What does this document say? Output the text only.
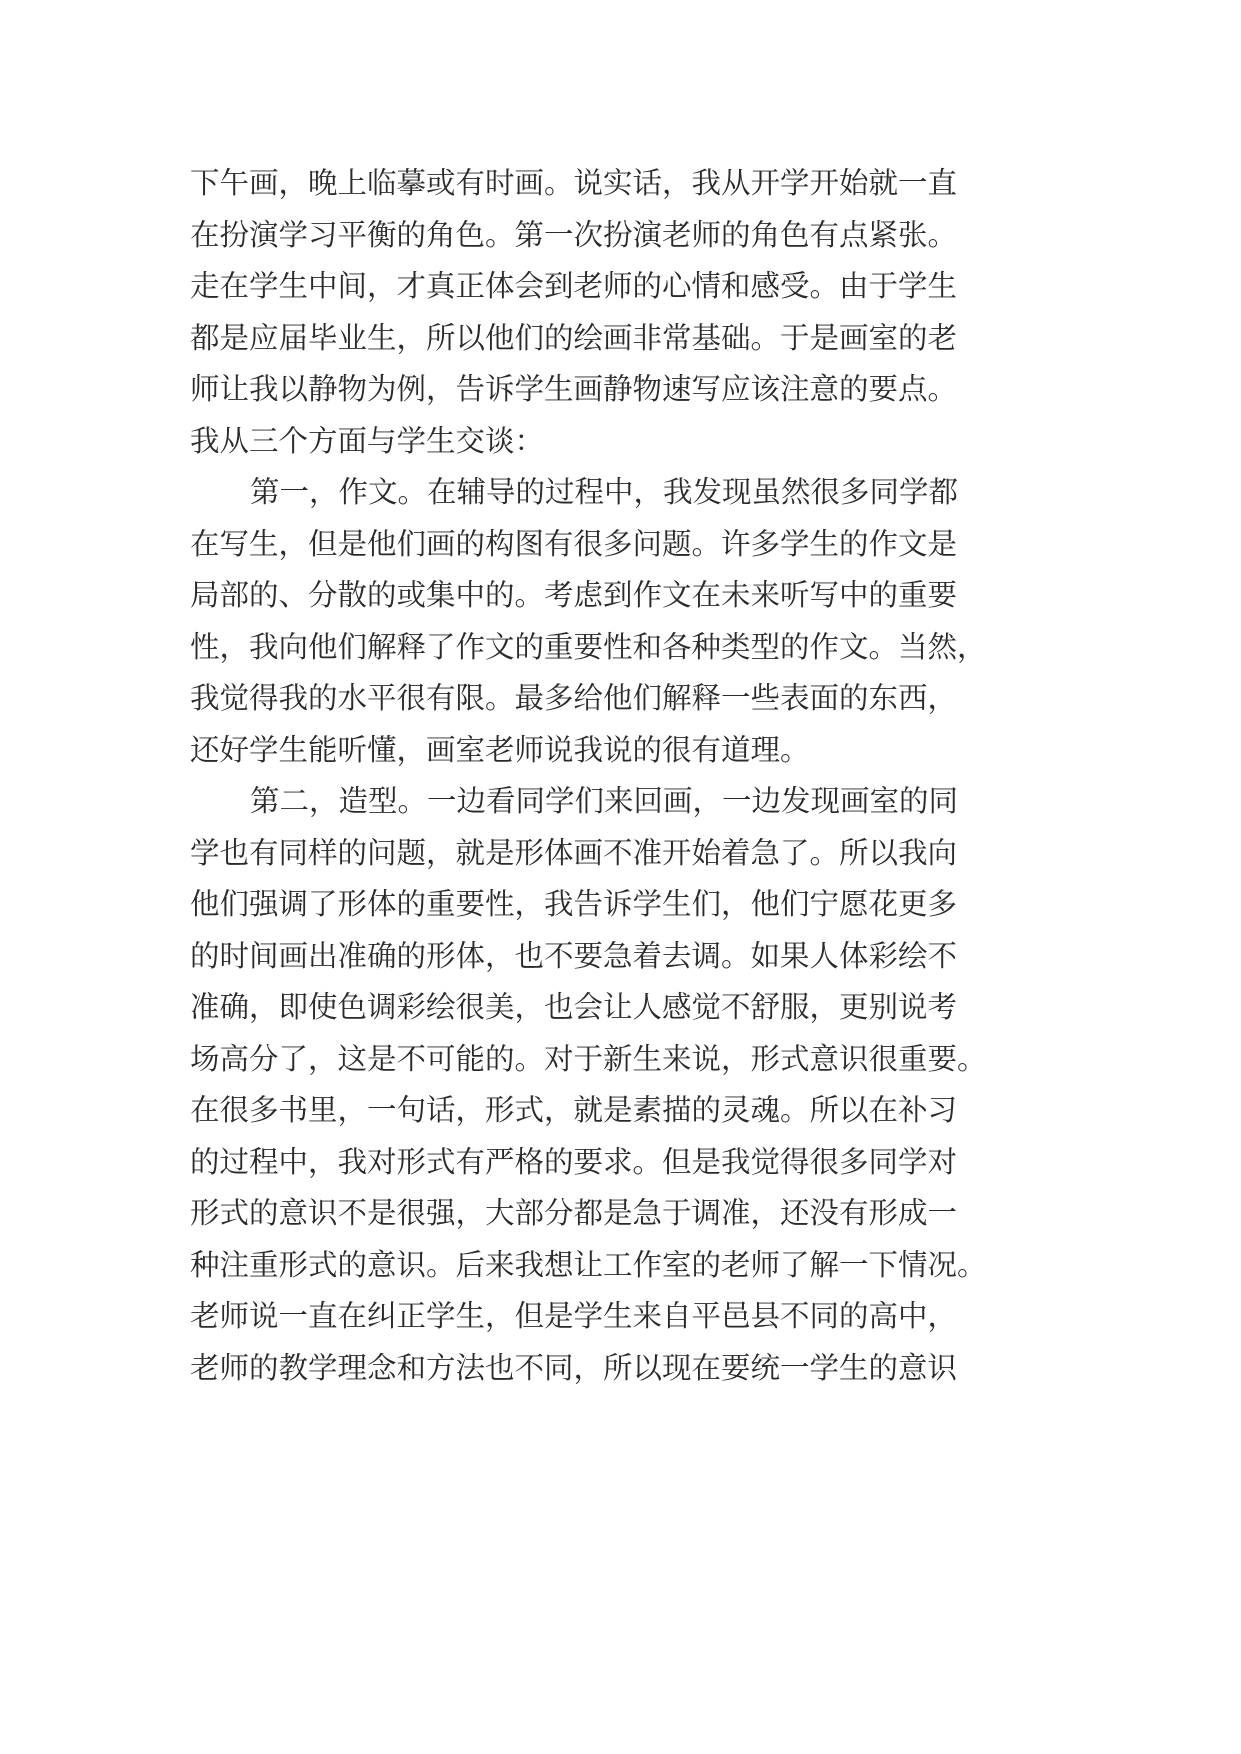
下午画，晚上临摹或有时画。说实话，我从开学开始就一直
在扮演学习平衡的角色。第一次扮演老师的角色有点紧张。
走在学生中间，才真正体会到老师的心情和感受。由于学生
都是应届毕业生，所以他们的绘画非常基础。于是画室的老
师让我以静物为例，告诉学生画静物速写应该注意的要点。
我从三个方面与学生交谈：
第一，作文。在辅导的过程中，我发现虽然很多同学都
在写生，但是他们画的构图有很多问题。许多学生的作文是
局部的、分散的或集中的。考虑到作文在未来听写中的重要
性，我向他们解释了作文的重要性和各种类型的作文。当然，
我觉得我的水平很有限。最多给他们解释一些表面的东西，
还好学生能听懂，画室老师说我说的很有道理。
第二，造型。一边看同学们来回画，一边发现画室的同
学也有同样的问题，就是形体画不准开始着急了。所以我向
他们强调了形体的重要性，我告诉学生们，他们宁愿花更多
的时间画出准确的形体，也不要急着去调。如果人体彩绘不
准确，即使色调彩绘很美，也会让人感觉不舒服，更别说考
场高分了，这是不可能的。对于新生来说，形式意识很重要。
在很多书里，一句话，形式，就是素描的灵魂。所以在补习
的过程中，我对形式有严格的要求。但是我觉得很多同学对
形式的意识不是很强，大部分都是急于调准，还没有形成一
种注重形式的意识。后来我想让工作室的老师了解一下情况。
老师说一直在纠正学生，但是学生来自平邑县不同的高中，
老师的教学理念和方法也不同，所以现在要统一学生的意识
